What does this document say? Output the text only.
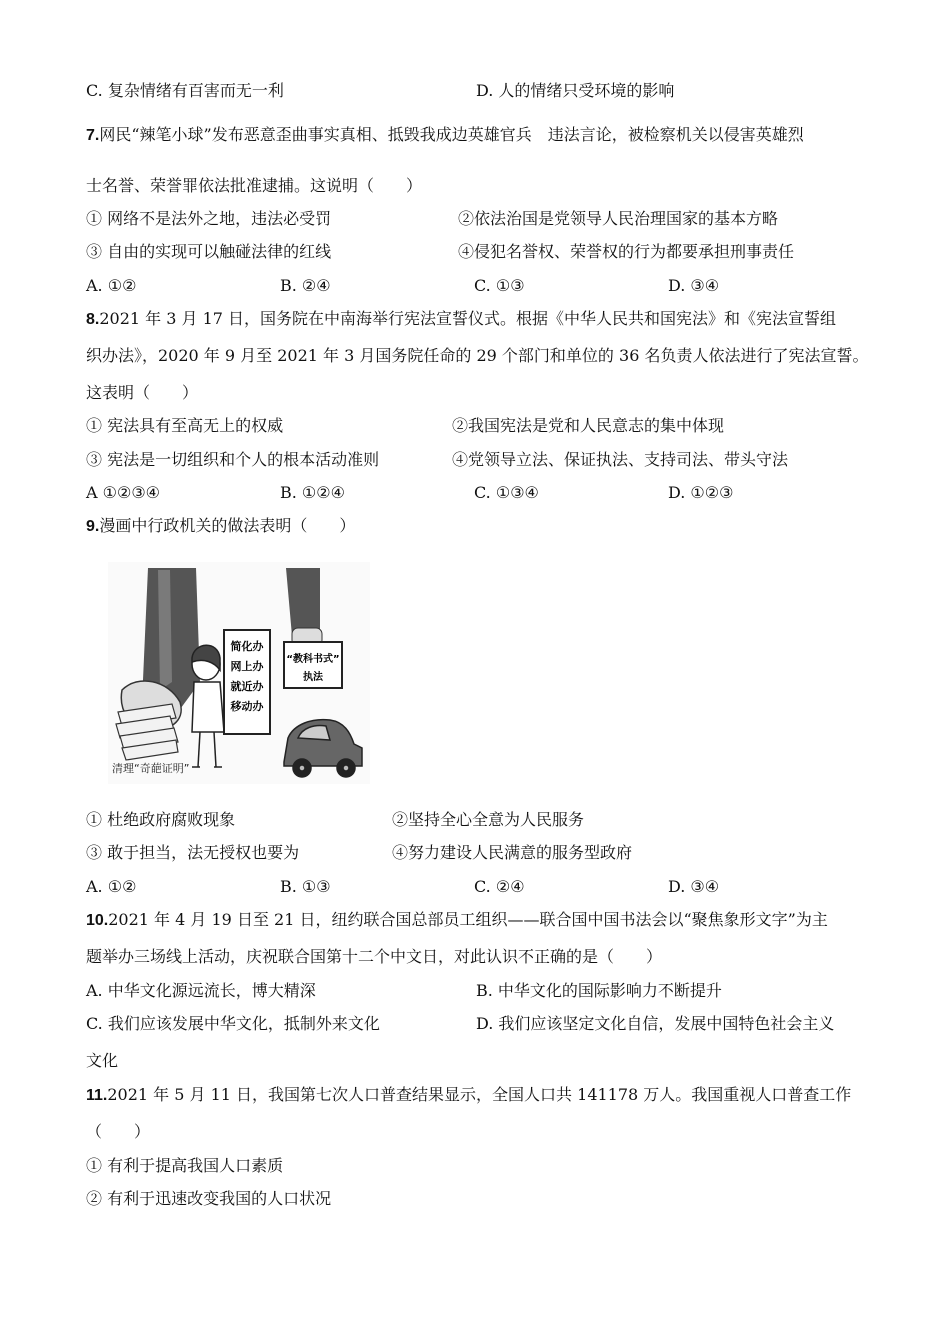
C. 复杂情绪有百害而无一利	D. 人的情绪只受环境的影响
7.网民“辣笔小球”发布恶意歪曲事实真相、抵毁我成边英雄官兵　违法言论，被检察机关以侵害英雄烈
士名誉、荣誉罪依法批准逮捕。这说明（　　）
① 网络不是法外之地，违法必受罚	②依法治国是党领导人民治理国家的基本方略
③ 自由的实现可以触碰法律的红线	④侵犯名誉权、荣誉权的行为都要承担刑事责任
A. ①②	B. ②④	C. ①③	D. ③④
8.2021 年 3 月 17 日，国务院在中南海举行宪法宣誓仪式。根据《中华人民共和国宪法》和《宪法宣誓组
织办法》，2020 年 9 月至 2021 年 3 月国务院任命的 29 个部门和单位的 36 名负责人依法进行了宪法宣誓。
这表明（　　）
① 宪法具有至高无上的权威	②我国宪法是党和人民意志的集中体现
③ 宪法是一切组织和个人的根本活动准则	④党领导立法、保证执法、支持司法、带头守法
A ①②③④	B. ①②④	C. ①③④	D. ①②③
9.漫画中行政机关的做法表明（　　）
“教科书式”
执法
简化办
网上办
就近办
移动办
清理“奇葩证明”
① 杜绝政府腐败现象	②坚持全心全意为人民服务
③ 敢于担当，法无授权也要为	④努力建设人民满意的服务型政府
A. ①②	B. ①③	C. ②④	D. ③④
10.2021 年 4 月 19 日至 21 日，纽约联合国总部员工组织——联合国中国书法会以“聚焦象形文字”为主
题举办三场线上活动，庆祝联合国第十二个中文日，对此认识不正确的是（　　）
A. 中华文化源远流长，博大精深	B. 中华文化的国际影响力不断提升
C. 我们应该发展中华文化，抵制外来文化	D. 我们应该坚定文化自信，发展中国特色社会主义
文化
11.2021 年 5 月 11 日，我国第七次人口普查结果显示，全国人口共 141178 万人。我国重视人口普查工作
（　　）
① 有利于提高我国人口素质
② 有利于迅速改变我国的人口状况
